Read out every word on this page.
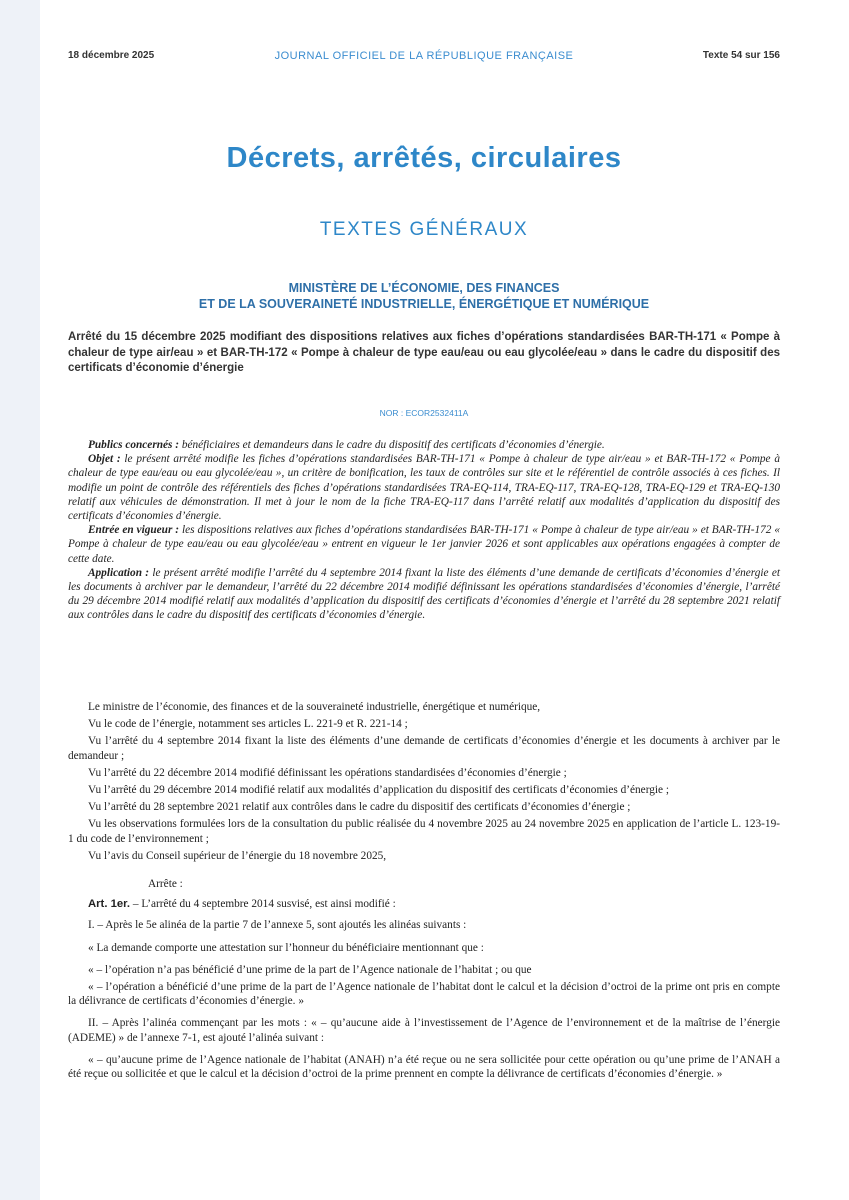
18 décembre 2025	JOURNAL OFFICIEL DE LA RÉPUBLIQUE FRANÇAISE	Texte 54 sur 156
Décrets, arrêtés, circulaires
TEXTES GÉNÉRAUX
MINISTÈRE DE L’ÉCONOMIE, DES FINANCES
ET DE LA SOUVERAINETÉ INDUSTRIELLE, ÉNERGÉTIQUE ET NUMÉRIQUE
Arrêté du 15 décembre 2025 modifiant des dispositions relatives aux fiches d’opérations standardisées BAR-TH-171 « Pompe à chaleur de type air/eau » et BAR-TH-172 « Pompe à chaleur de type eau/eau ou eau glycolée/eau » dans le cadre du dispositif des certificats d’économie d’énergie
NOR : ECOR2532411A

Publics concernés : bénéficiaires et demandeurs dans le cadre du dispositif des certificats d’économies d’énergie.

Objet : le présent arrêté modifie les fiches d’opérations standardisées BAR-TH-171 « Pompe à chaleur de type air/eau » et BAR-TH-172 « Pompe à chaleur de type eau/eau ou eau glycolée/eau », un critère de bonification, les taux de contrôles sur site et le référentiel de contrôle associés à ces fiches. Il modifie un point de contrôle des référentiels des fiches d’opérations standardisées TRA-EQ-114, TRA-EQ-117, TRA-EQ-128, TRA-EQ-129 et TRA-EQ-130 relatif aux véhicules de démonstration. Il met à jour le nom de la fiche TRA-EQ-117 dans l’arrêté relatif aux modalités d’application du dispositif des certificats d’économies d’énergie.

Entrée en vigueur : les dispositions relatives aux fiches d’opérations standardisées BAR-TH-171 « Pompe à chaleur de type air/eau » et BAR-TH-172 « Pompe à chaleur de type eau/eau ou eau glycolée/eau » entrent en vigueur le 1er janvier 2026 et sont applicables aux opérations engagées à compter de cette date.

Application : le présent arrêté modifie l’arrêté du 4 septembre 2014 fixant la liste des éléments d’une demande de certificats d’économies d’énergie et les documents à archiver par le demandeur, l’arrêté du 22 décembre 2014 modifié définissant les opérations standardisées d’économies d’énergie, l’arrêté du 29 décembre 2014 modifié relatif aux modalités d’application du dispositif des certificats d’économies d’énergie et l’arrêté du 28 septembre 2021 relatif aux contrôles dans le cadre du dispositif des certificats d’économies d’énergie.

Le ministre de l’économie, des finances et de la souveraineté industrielle, énergétique et numérique,

Vu le code de l’énergie, notamment ses articles L. 221-9 et R. 221-14 ;

Vu l’arrêté du 4 septembre 2014 fixant la liste des éléments d’une demande de certificats d’économies d’énergie et les documents à archiver par le demandeur ;

Vu l’arrêté du 22 décembre 2014 modifié définissant les opérations standardisées d’économies d’énergie ;

Vu l’arrêté du 29 décembre 2014 modifié relatif aux modalités d’application du dispositif des certificats d’économies d’énergie ;

Vu l’arrêté du 28 septembre 2021 relatif aux contrôles dans le cadre du dispositif des certificats d’économies d’énergie ;

Vu les observations formulées lors de la consultation du public réalisée du 4 novembre 2025 au 24 novembre 2025 en application de l’article L. 123-19-1 du code de l’environnement ;

Vu l’avis du Conseil supérieur de l’énergie du 18 novembre 2025,

Arrête :

Art. 1er. – L’arrêté du 4 septembre 2014 susvisé, est ainsi modifié :

I. – Après le 5e alinéa de la partie 7 de l’annexe 5, sont ajoutés les alinéas suivants :

« La demande comporte une attestation sur l’honneur du bénéficiaire mentionnant que :

« – l’opération n’a pas bénéficié d’une prime de la part de l’Agence nationale de l’habitat ; ou que

« – l’opération a bénéficié d’une prime de la part de l’Agence nationale de l’habitat dont le calcul et la décision d’octroi de la prime ont pris en compte la délivrance de certificats d’économies d’énergie. »

II. – Après l’alinéa commençant par les mots : « – qu’aucune aide à l’investissement de l’Agence de l’environnement et de la maîtrise de l’énergie (ADEME) » de l’annexe 7-1, est ajouté l’alinéa suivant :

« – qu’aucune prime de l’Agence nationale de l’habitat (ANAH) n’a été reçue ou ne sera sollicitée pour cette opération ou qu’une prime de l’ANAH a été reçue ou sollicitée et que le calcul et la décision d’octroi de la prime prennent en compte la délivrance de certificats d’économies d’énergie. »
